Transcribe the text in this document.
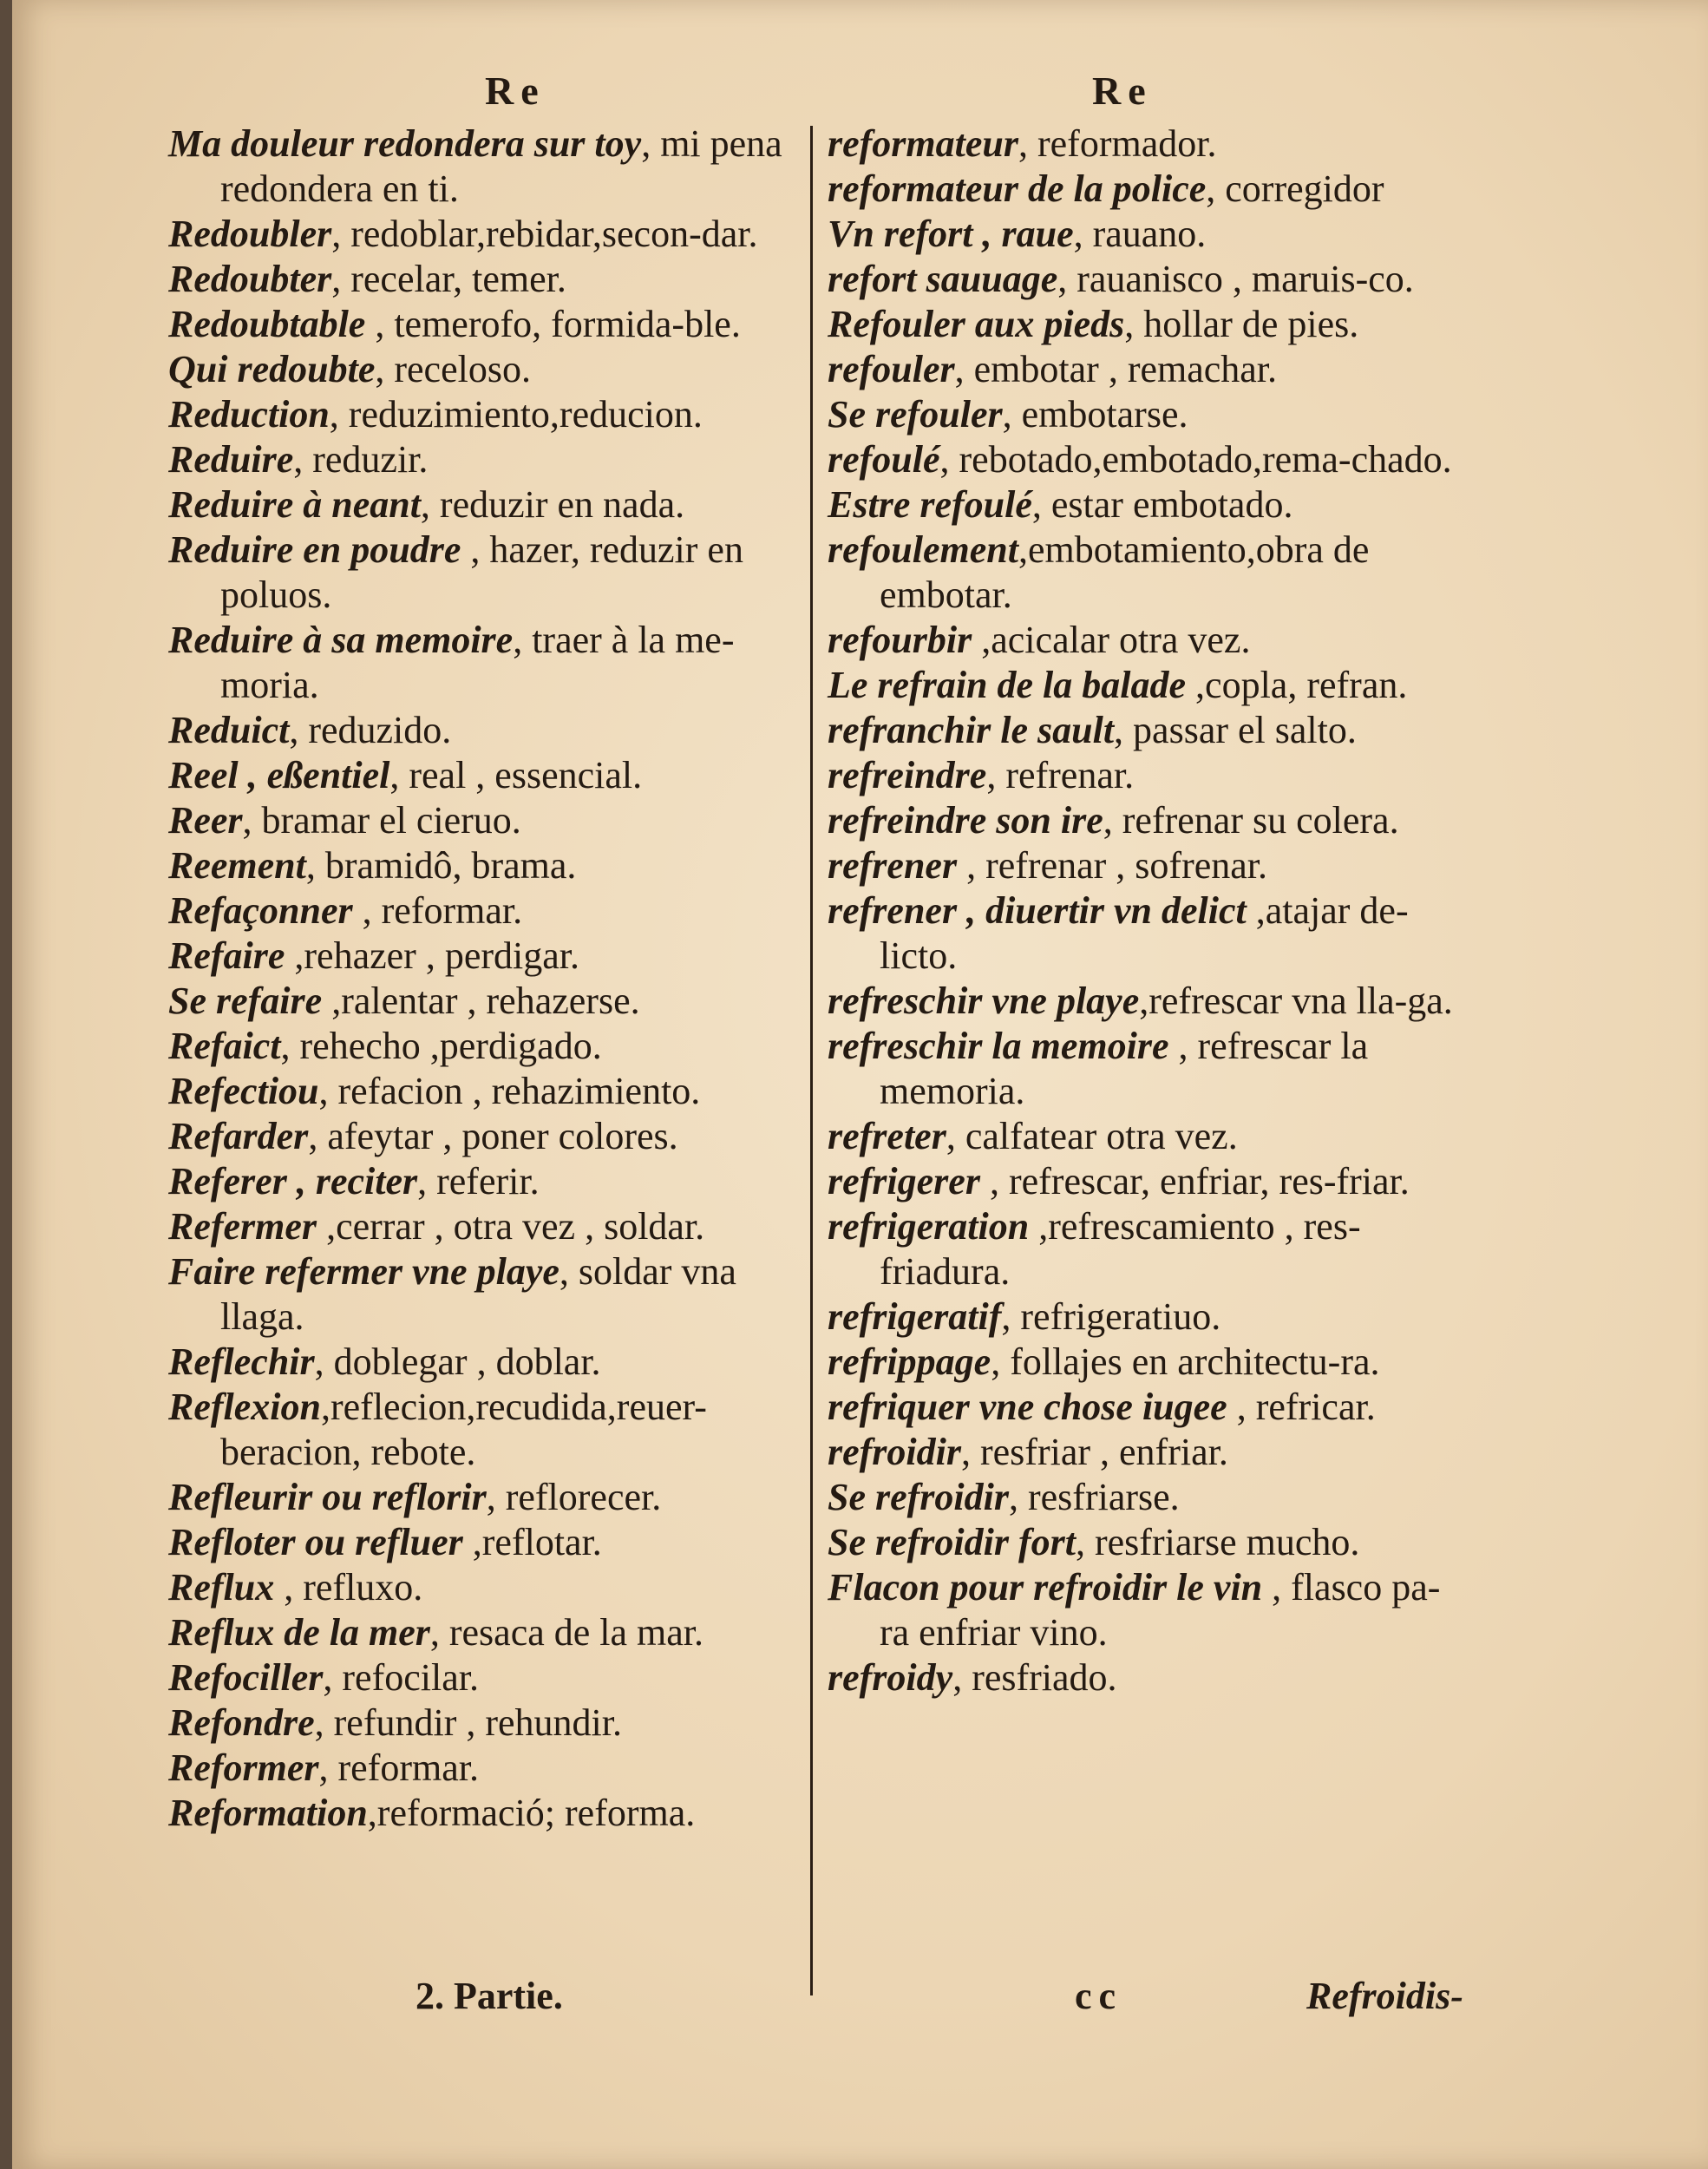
Re	Re
Ma douleur redondera sur toy, mi pena redondera en ti.
Redoubler, redoblar,rebidar,secon-dar.
Redoubter, recelar, temer.
Redoubtable , temerofo, formida-ble.
Qui redoubte, receloso.
Reduction, reduzimiento,reducion.
Reduire, reduzir.
Reduire à neant, reduzir en nada.
Reduire en poudre , hazer, reduzir en poluos.
Reduire à sa memoire, traer à la me-moria.
Reduict, reduzido.
Reel , eßentiel, real , essencial.
Reer, bramar el cieruo.
Reement, bramidô, brama.
Refaçonner , reformar.
Refaire ,rehazer , perdigar.
Se refaire ,ralentar , rehazerse.
Refaict, rehecho ,perdigado.
Refectiou, refacion , rehazimiento.
Refarder, afeytar , poner colores.
Referer , reciter, referir.
Refermer ,cerrar , otra vez , soldar.
Faire refermer vne playe, soldar vna llaga.
Reflechir, doblegar , doblar.
Reflexion,reflecion,recudida,reuer-beracion, rebote.
Refleurir ou reflorir, reflorecer.
Refloter ou refluer ,reflotar.
Reflux , refluxo.
Reflux de la mer, resaca de la mar.
Refociller, refocilar.
Refondre, refundir , rehundir.
Reformer, reformar.
Reformation,reformació; reforma.
reformateur, reformador.
reformateur de la police, corregidor
Vn refort , raue, rauano.
refort sauuage, rauanisco , maruis-co.
Refouler aux pieds, hollar de pies.
refouler, embotar , remachar.
Se refouler, embotarse.
refoulé, rebotado,embotado,rema-chado.
Estre refoulé, estar embotado.
refoulement,embotamiento,obra de embotar.
refourbir ,acicalar otra vez.
Le refrain de la balade ,copla, refran.
refranchir le sault, passar el salto.
refreindre, refrenar.
refreindre son ire, refrenar su colera.
refrener , refrenar , sofrenar.
refrener , diuertir vn delict ,atajar de-licto.
refreschir vne playe,refrescar vna lla-ga.
refreschir la memoire , refrescar la memoria.
refreter, calfatear otra vez.
refrigerer , refrescar, enfriar, res-friar.
refrigeration ,refrescamiento , res-friadura.
refrigeratif, refrigeratiuo.
refrippage, follajes en architectu-ra.
refriquer vne chose iugee , refricar.
refroidir, resfriar , enfriar.
Se refroidir, resfriarse.
Se refroidir fort, resfriarse mucho.
Flacon pour refroidir le vin , flasco pa-ra enfriar vino.
refroidy, resfriado.
2. Partie.	cc	Refroidis-
